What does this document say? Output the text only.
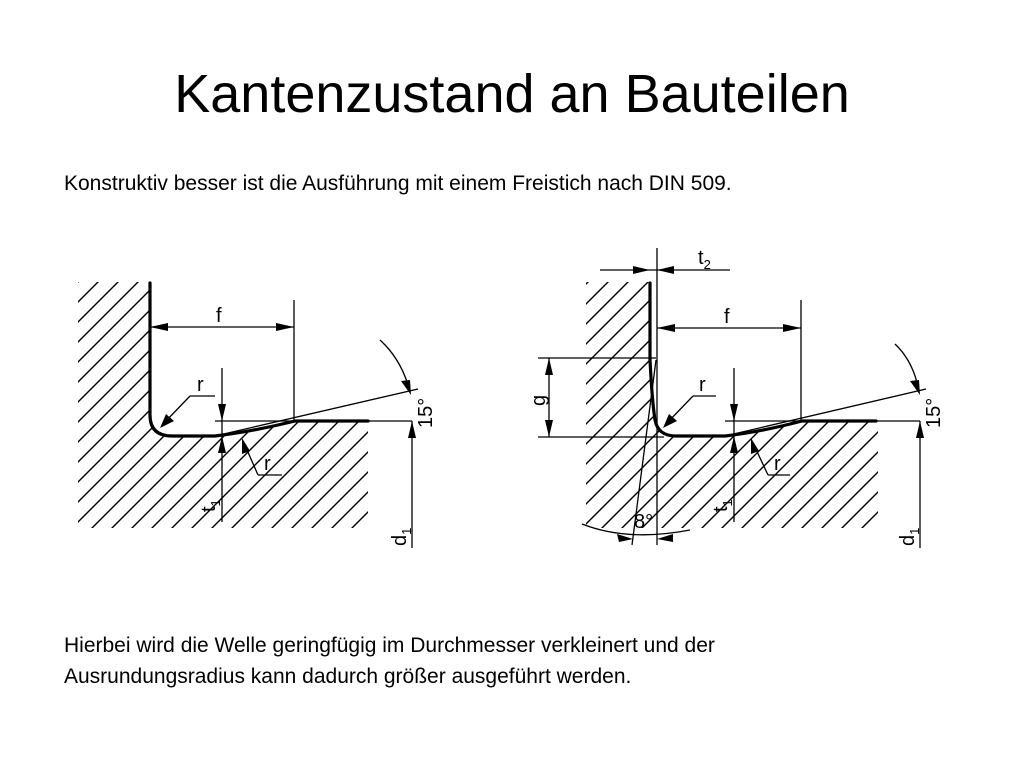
Kantenzustand an Bauteilen
Konstruktiv besser ist die Ausführung mit einem Freistich nach DIN 509.
Hierbei wird die Welle geringfügig im Durchmesser verkleinert und der
Ausrundungsradius kann dadurch größer ausgeführt werden.
f
r
15°
$t_1$
r
$d_1$
$t_2$
f
g
r
15°
$t_1$
r
8°
$d_1$
